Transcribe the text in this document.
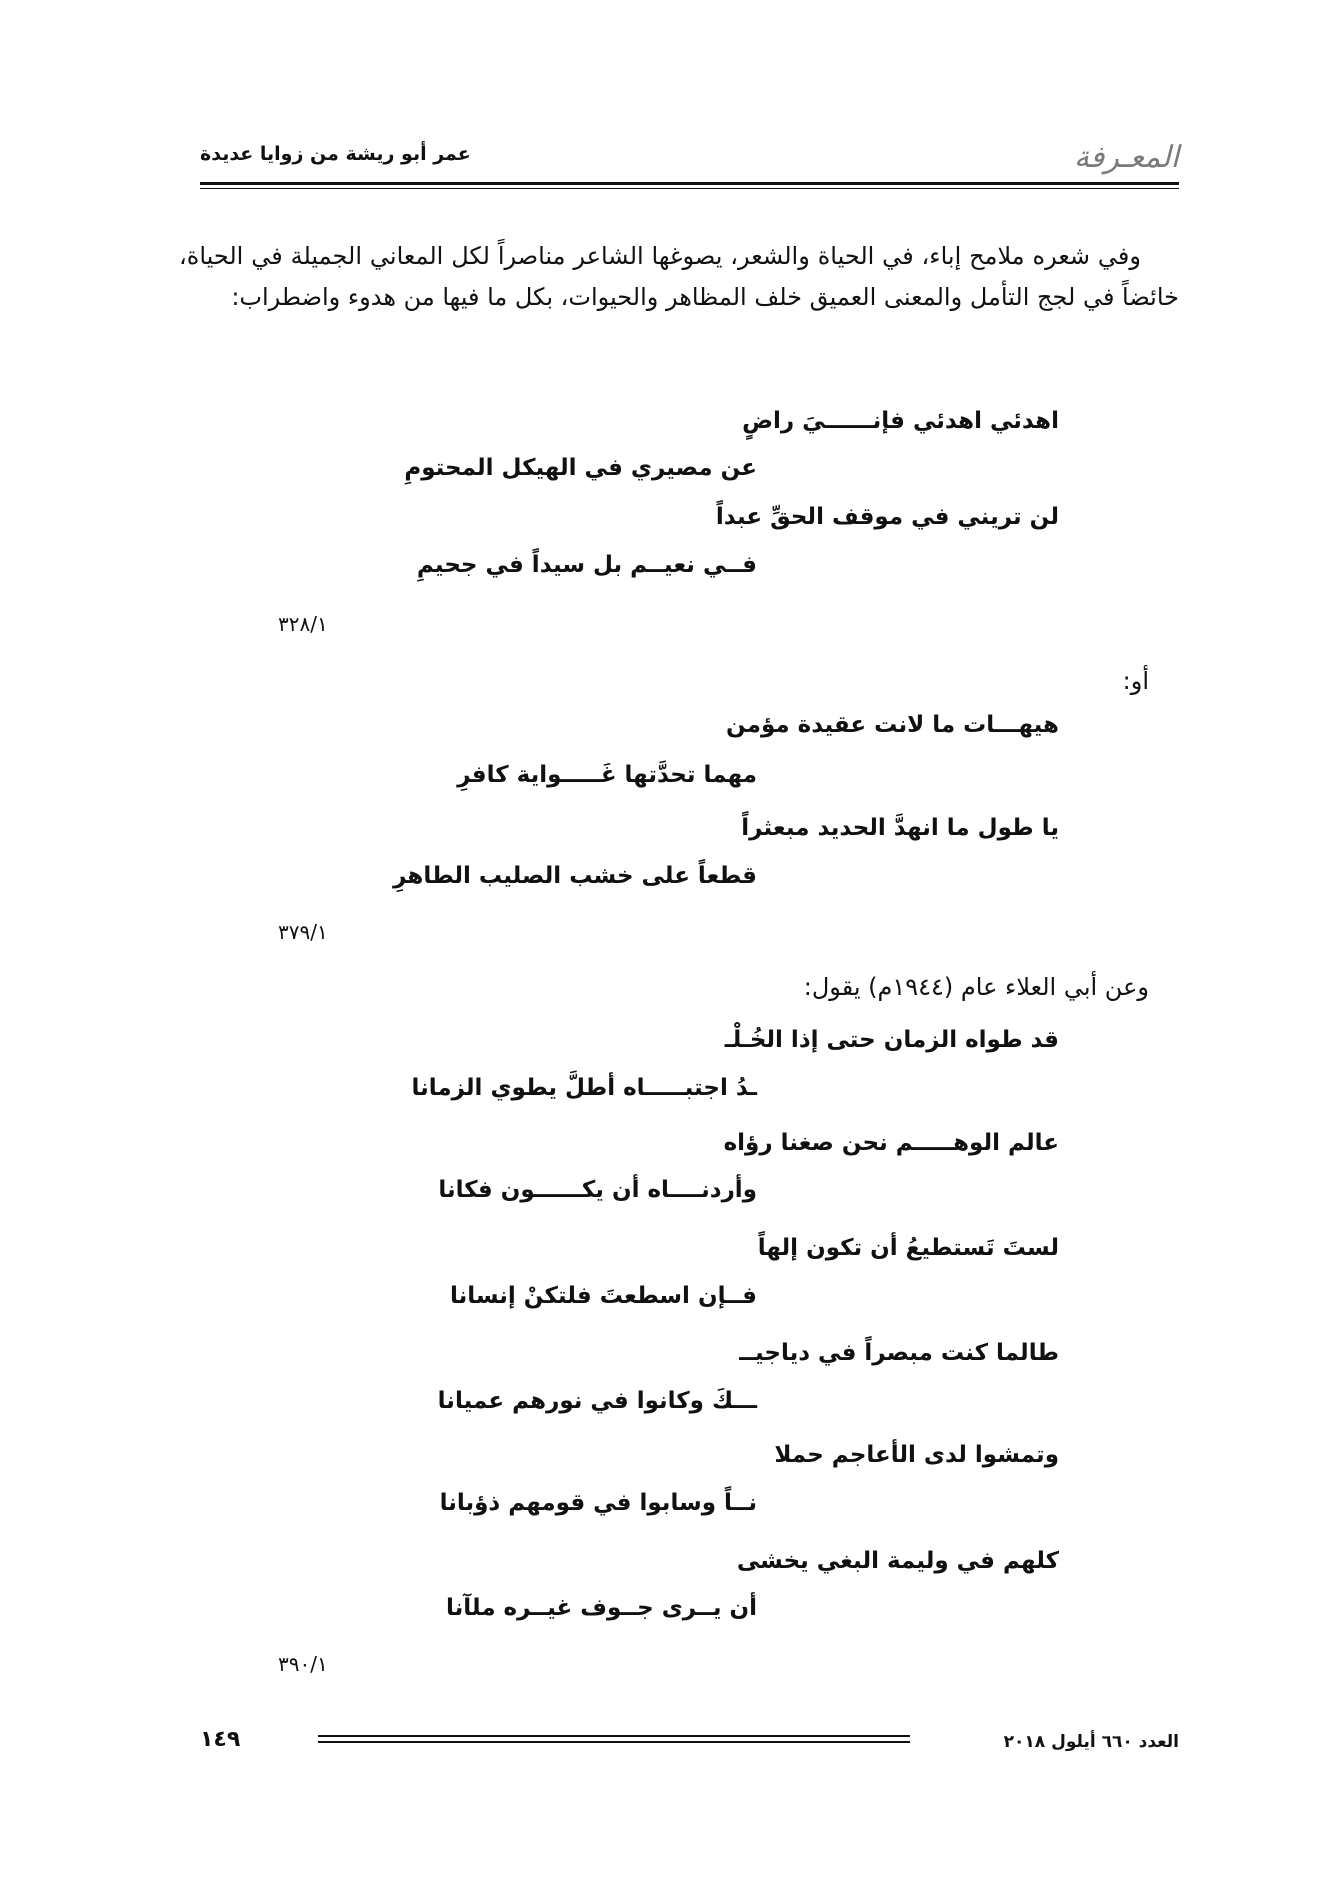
المعـرفة
عمر أبو ريشة من زوايا عديدة
وفي شعره ملامح إباء، في الحياة والشعر، يصوغها الشاعر مناصراً لكل المعاني الجميلة في الحياة، خائضاً في لجج التأمل والمعنى العميق خلف المظاهر والحيوات، بكل ما فيها من هدوء واضطراب:
اهدئي اهدئي فإنــــــيَ راضٍ
عن مصيري في الهيكل المحتومِ
لن تريني في موقف الحقِّ عبداً
فــي نعيــم بل سيداً في جحيمِ
٣٢٨/١
أو:
هيهـــات ما لانت عقيدة مؤمن
مهما تحدَّتها غَـــــواية كافرِ
يا طول ما انهدَّ الحديد مبعثراً
قطعاً على خشب الصليب الطاهرِ
٣٧٩/١
وعن أبي العلاء عام (١٩٤٤م) يقول:
قد طواه الزمان حتى إذا الخُـلْـ
ـدُ اجتبـــــاه أطلَّ يطوي الزمانا
عالم الوهـــــم نحن صغنا رؤاه
وأردنــــاه أن يكــــــون فكانا
لستَ تَستطيعُ أن تكون إلهاً
فــإن اسطعتَ فلتكنْ إنسانا
طالما كنت مبصراً في دياجيــ
ـــكَ وكانوا في نورهم عميانا
وتمشوا لدى الأعاجم حملا
نــاً وسابوا في قومهم ذؤبانا
كلهم في وليمة البغي يخشى
أن يــرى جــوف غيــره ملآنا
٣٩٠/١
العدد ٦٦٠ أيلول ٢٠١٨
١٤٩
